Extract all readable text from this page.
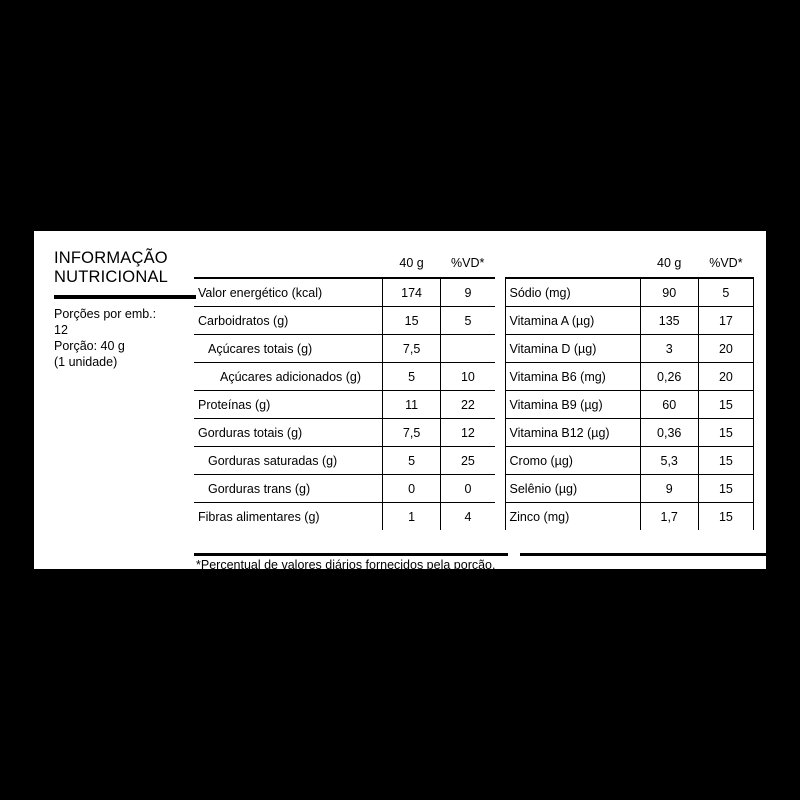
INFORMAÇÃO NUTRICIONAL
Porções por emb.:
12
Porção: 40 g
(1 unidade)
	40 g	%VD*			40 g	%VD*
Valor energético (kcal)	174	9		Sódio (mg)	90	5
Carboidratos (g)	15	5		Vitamina A (µg)	135	17
Açúcares totais (g)	7,5			Vitamina D (µg)	3	20
Açúcares adicionados (g)	5	10		Vitamina B6 (mg)	0,26	20
Proteínas (g)	11	22		Vitamina B9 (µg)	60	15
Gorduras totais (g)	7,5	12		Vitamina B12 (µg)	0,36	15
Gorduras saturadas (g)	5	25		Cromo (µg)	5,3	15
Gorduras trans (g)	0	0		Selênio (µg)	9	15
Fibras alimentares (g)	1	4		Zinco (mg)	1,7	15
*Percentual de valores diários fornecidos pela porção.
